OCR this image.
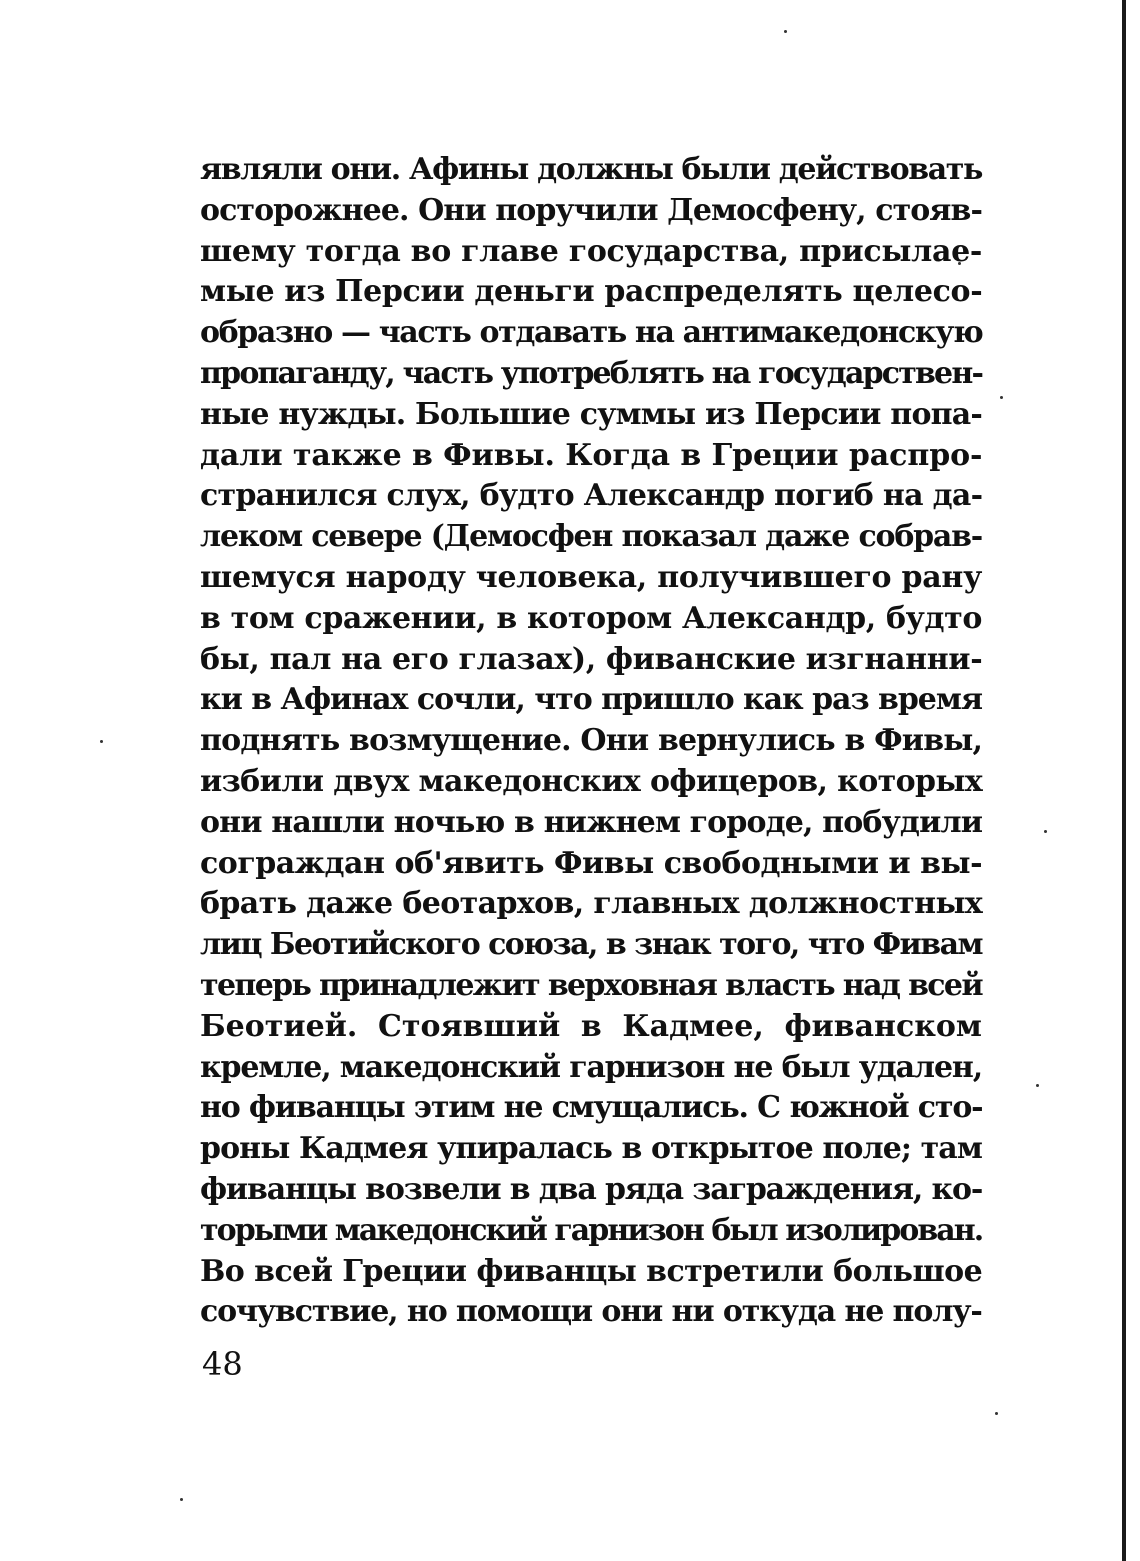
являли они. Афины должны были действовать
осторожнее. Они поручили Демосфену, стояв-
шему тогда во главе государства, присылае-
мые из Персии деньги распределять целесо-
образно — часть отдавать на антимакедонскую
пропаганду, часть употреблять на государствен-
ные нужды. Большие суммы из Персии попа-
дали также в Фивы. Когда в Греции распро-
странился слух, будто Александр погиб на да-
леком севере (Демосфен показал даже собрав-
шемуся народу человека, получившего рану
в том сражении, в котором Александр, будто
бы, пал на его глазах), фиванские изгнанни-
ки в Афинах сочли, что пришло как раз время
поднять возмущение. Они вернулись в Фивы,
избили двух македонских офицеров, которых
они нашли ночью в нижнем городе, побудили
сограждан об'явить Фивы свободными и вы-
брать даже беотархов, главных должностных
лиц Беотийского союза, в знак того, что Фивам
теперь принадлежит верховная власть над всей
Беотией. Стоявший в Кадмее, фиванском
кремле, македонский гарнизон не был удален,
но фиванцы этим не смущались. С южной сто-
роны Кадмея упиралась в открытое поле; там
фиванцы возвели в два ряда заграждения, ко-
торыми македонский гарнизон был изолирован.
Во всей Греции фиванцы встретили большое
сочувствие, но помощи они ни откуда не полу-
48
